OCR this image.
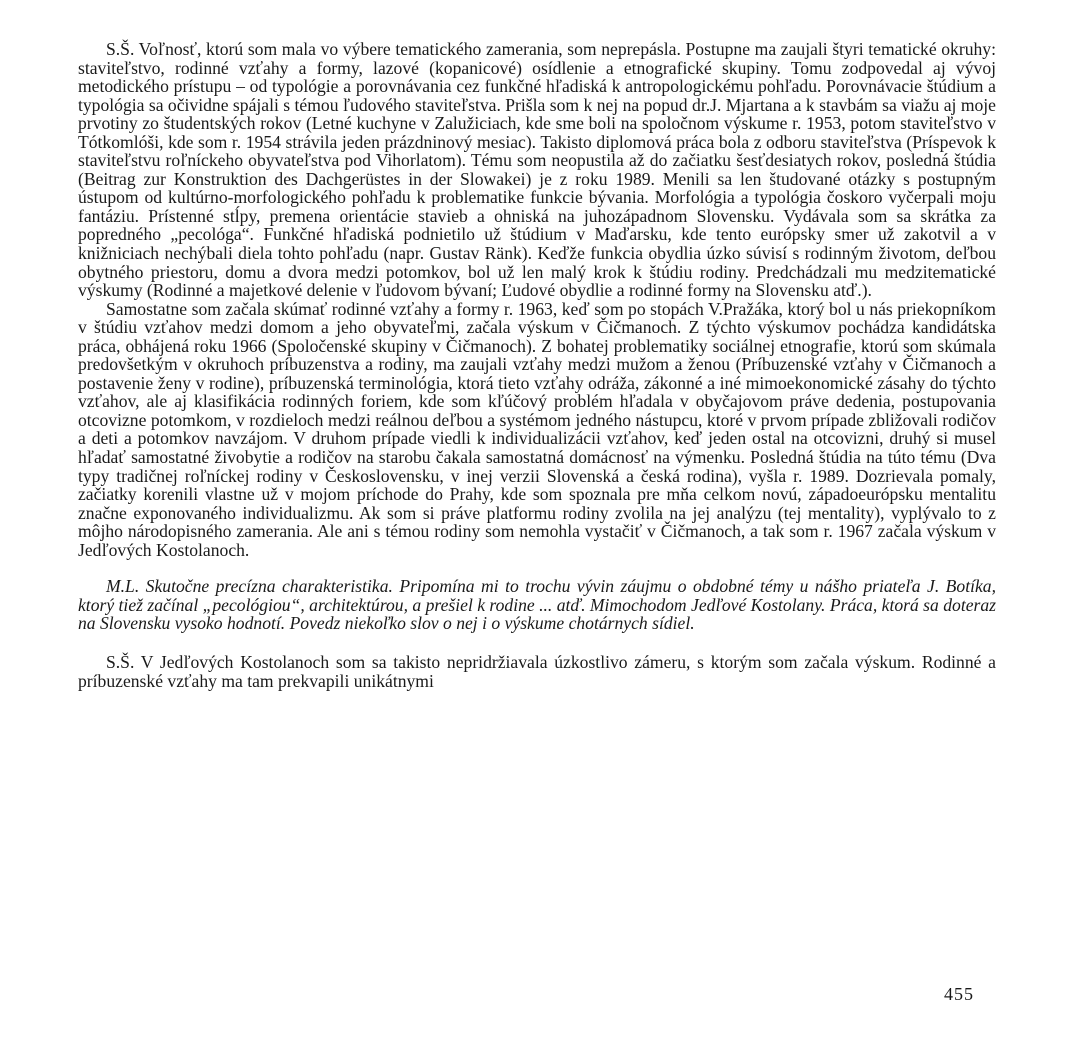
S.Š. Voľnosť, ktorú som mala vo výbere tematického zamerania, som neprepásla. Postupne ma zaujali štyri tematické okruhy: staviteľstvo, rodinné vzťahy a formy, lazové (kopanicové) osídlenie a etnografické skupiny. Tomu zodpovedal aj vývoj metodického prístupu – od typológie a porovnávania cez funkčné hľadiská k antropologickému pohľadu. Porovnávacie štúdium a typológia sa očividne spájali s témou ľudového staviteľstva. Prišla som k nej na popud dr.J. Mjartana a k stavbám sa viažu aj moje prvotiny zo študentských rokov (Letné kuchyne v Zalužiciach, kde sme boli na spoločnom výskume r. 1953, potom staviteľstvo v Tótkomlóši, kde som r. 1954 strávila jeden prázdninový mesiac). Takisto diplomová práca bola z odboru staviteľstva (Príspevok k staviteľstvu roľníckeho obyvateľstva pod Vihorlatom). Tému som neopustila až do začiatku šesťdesiatych rokov, posledná štúdia (Beitrag zur Konstruktion des Dachgerüstes in der Slowakei) je z roku 1989. Menili sa len študované otázky s postupným ústupom od kultúrno-morfologického pohľadu k problematike funkcie bývania. Morfológia a typológia čoskoro vyčerpali moju fantáziu. Prístenné stĺpy, premena orientácie stavieb a ohniská na juhozápadnom Slovensku. Vydávala som sa skrátka za popredného „pecológa“. Funkčné hľadiská podnietilo už štúdium v Maďarsku, kde tento európsky smer už zakotvil a v knižniciach nechýbali diela tohto pohľadu (napr. Gustav Ränk). Keďže funkcia obydlia úzko súvisí s rodinným životom, deľbou obytného priestoru, domu a dvora medzi potomkov, bol už len malý krok k štúdiu rodiny. Predchádzali mu medzitematické výskumy (Rodinné a majetkové delenie v ľudovom bývaní; Ľudové obydlie a rodinné formy na Slovensku atď.).

Samostatne som začala skúmať rodinné vzťahy a formy r. 1963, keď som po stopách V.Pražáka, ktorý bol u nás priekopníkom v štúdiu vzťahov medzi domom a jeho obyvateľmi, začala výskum v Čičmanoch. Z týchto výskumov pochádza kandidátska práca, obhájená roku 1966 (Spoločenské skupiny v Čičmanoch). Z bohatej problematiky sociálnej etnografie, ktorú som skúmala predovšetkým v okruhoch príbuzenstva a rodiny, ma zaujali vzťahy medzi mužom a ženou (Príbuzenské vzťahy v Čičmanoch a postavenie ženy v rodine), príbuzenská terminológia, ktorá tieto vzťahy odráža, zákonné a iné mimoekonomické zásahy do týchto vzťahov, ale aj klasifikácia rodinných foriem, kde som kľúčový problém hľadala v obyčajovom práve dedenia, postupovania otcovizne potomkom, v rozdieloch medzi reálnou deľbou a systémom jedného nástupcu, ktoré v prvom prípade zbližovali rodičov a deti a potomkov navzájom. V druhom prípade viedli k individualizácii vzťahov, keď jeden ostal na otcovizni, druhý si musel hľadať samostatné živobytie a rodičov na starobu čakala samostatná domácnosť na výmenku. Posledná štúdia na túto tému (Dva typy tradičnej roľníckej rodiny v Československu, v inej verzii Slovenská a česká rodina), vyšla r. 1989. Dozrievala pomaly, začiatky korenili vlastne už v mojom príchode do Prahy, kde som spoznala pre mňa celkom novú, západoeurópsku mentalitu značne exponovaného individualizmu. Ak som si práve platformu rodiny zvolila na jej analýzu (tej mentality), vyplývalo to z môjho národopisného zamerania. Ale ani s témou rodiny som nemohla vystačiť v Čičmanoch, a tak som r. 1967 začala výskum v Jedľových Kostolanoch.

M.L. Skutočne precízna charakteristika. Pripomína mi to trochu vývin záujmu o obdobné témy u nášho priateľa J. Botíka, ktorý tiež začínal „pecológiou“, architektúrou, a prešiel k rodine ... atď. Mimochodom Jedľové Kostolany. Práca, ktorá sa doteraz na Slovensku vysoko hodnotí. Povedz niekoľko slov o nej i o výskume chotárnych sídiel.

S.Š. V Jedľových Kostolanoch som sa takisto nepridržiavala úzkostlivo zámeru, s ktorým som začala výskum. Rodinné a príbuzenské vzťahy ma tam prekvapili unikátnymi

455
